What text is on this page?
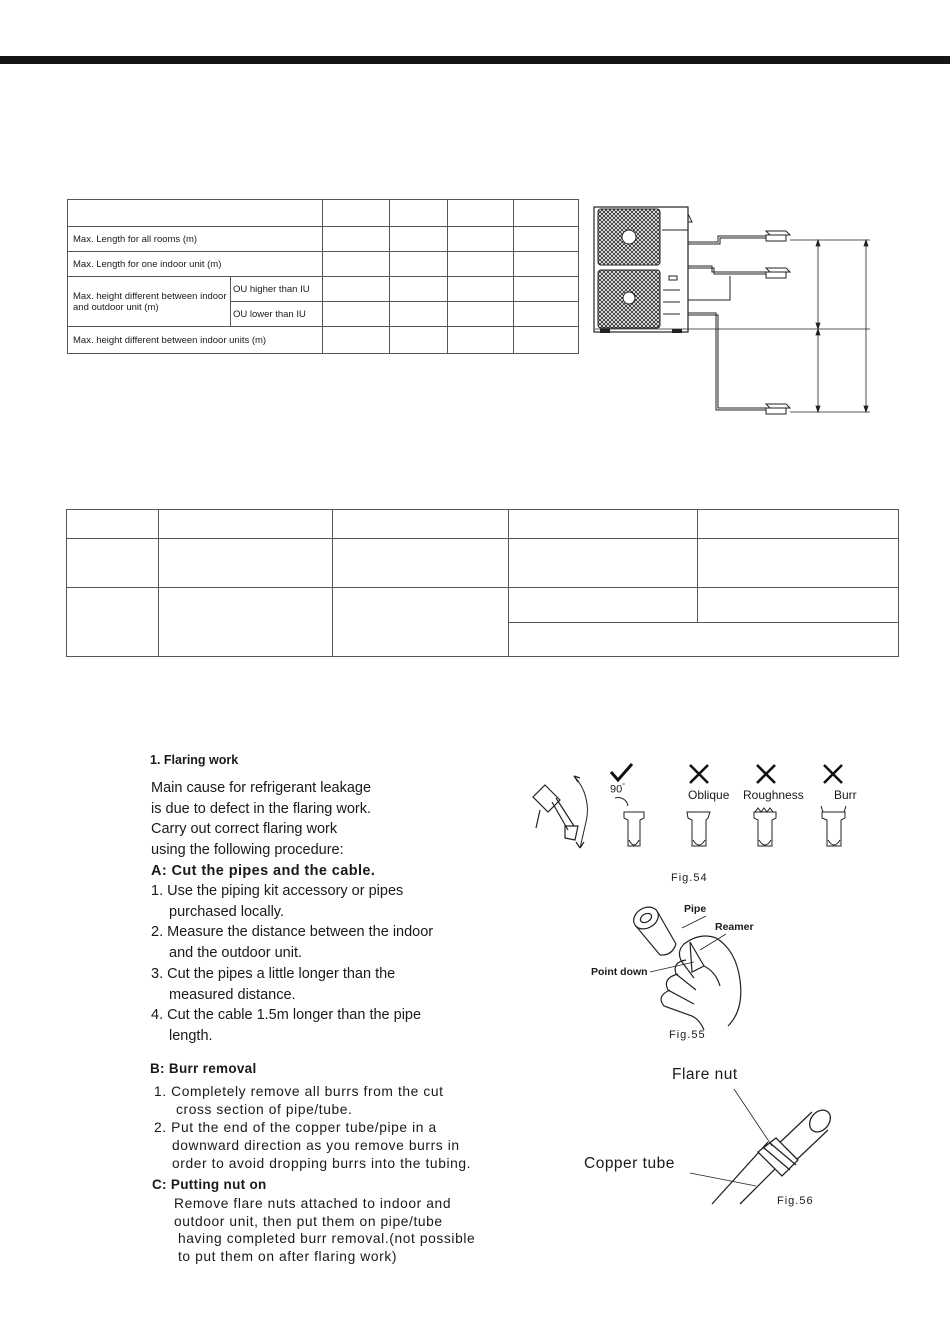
Max. Length for all rooms (m)					
Max. Length for one indoor unit (m)					
Max. height different between indoor and outdoor unit (m)	OU higher than IU				
	OU lower than IU				
Max. height different between indoor units (m)					

1. Flaring work
Main cause for refrigerant leakage
is due to defect in the flaring work.
Carry out correct flaring work
using the following procedure:
A: Cut the pipes and the cable.
1. Use the piping kit accessory or pipes
purchased locally.
2. Measure the distance between the indoor
and the outdoor unit.
3. Cut the pipes a little longer than the
measured distance.
4. Cut the cable 1.5m longer than the pipe
length.
B: Burr removal
1. Completely remove all burrs from the cut
cross section of pipe/tube.
2. Put the end of the copper tube/pipe in a
downward direction as you remove burrs in
order to avoid dropping burrs into the tubing.
C: Putting nut on
Remove flare nuts attached to indoor and
outdoor unit, then put them on pipe/tube
having completed burr removal.(not possible
to put them on after flaring work)
90°
Oblique Roughness	Burr
Fig.54
Pipe
Reamer
Point down
Fig.55
Flare nut
Copper tube
Fig.56
